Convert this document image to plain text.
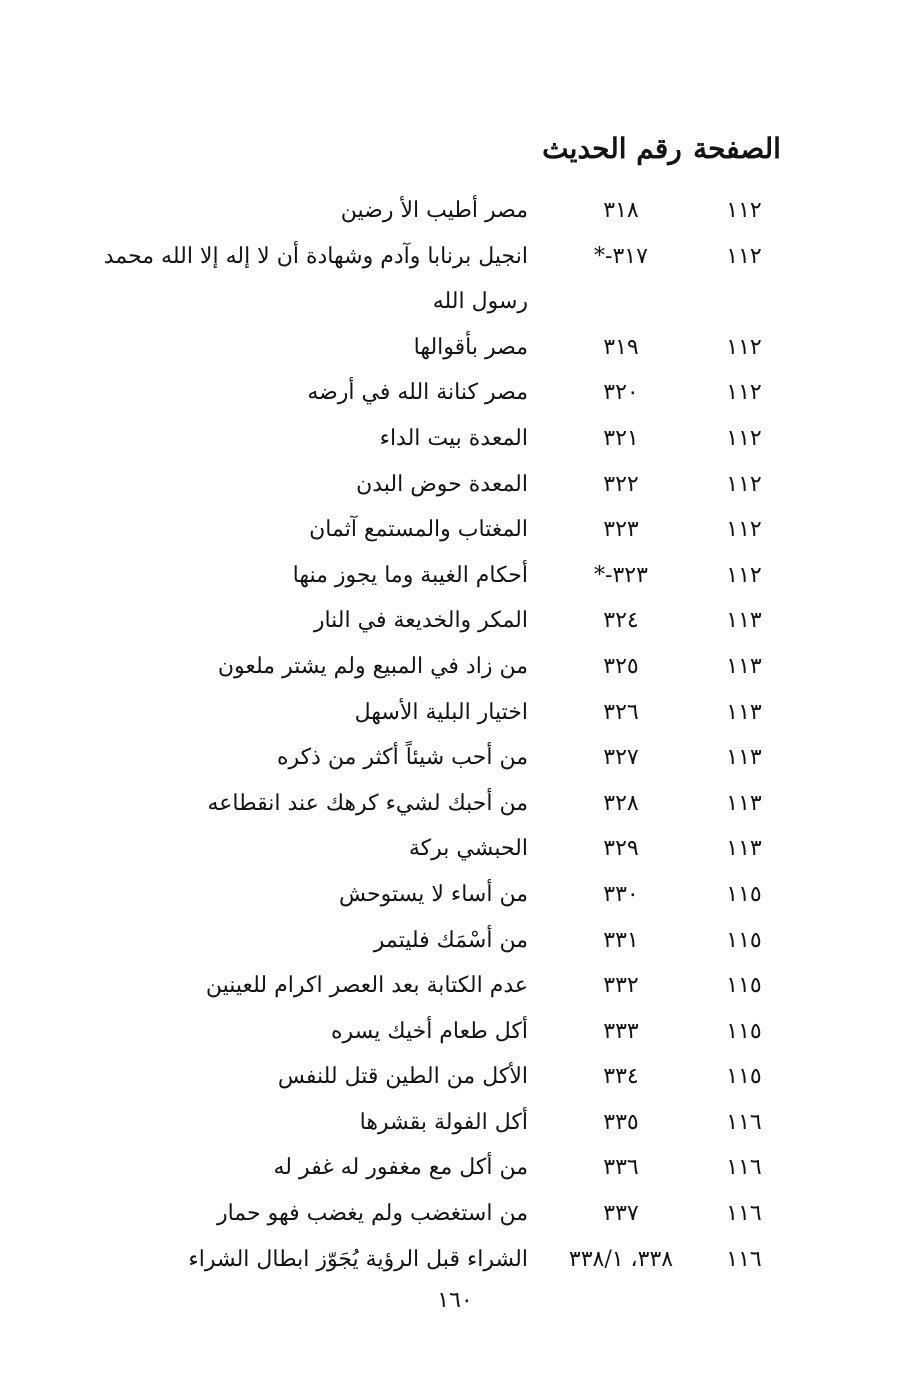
الصفحة
رقم الحديث
١١٢
٣١٨
مصر أطيب الأ رضين
١١٢
٣١٧-*
انجيل برنابا وآدم وشهادة أن لا إله إلا الله محمد رسول الله
١١٢
٣١٩
مصر بأقوالها
١١٢
٣٢٠
مصر كنانة الله في أرضه
١١٢
٣٢١
المعدة بيت الداء
١١٢
٣٢٢
المعدة حوض البدن
١١٢
٣٢٣
المغتاب والمستمع آثمان
١١٢
٣٢٣-*
أحكام الغيبة وما يجوز منها
١١٣
٣٢٤
المكر والخديعة في النار
١١٣
٣٢٥
من زاد في المبيع ولم يشتر ملعون
١١٣
٣٢٦
اختيار البلية الأسهل
١١٣
٣٢٧
من أحب شيئاً أكثر من ذكره
١١٣
٣٢٨
من أحبك لشيء كرهك عند انقطاعه
١١٣
٣٢٩
الحبشي بركة
١١٥
٣٣٠
من أساء لا يستوحش
١١٥
٣٣١
من أسْمَك فليتمر
١١٥
٣٣٢
عدم الكتابة بعد العصر اكرام للعينين
١١٥
٣٣٣
أكل طعام أخيك يسره
١١٥
٣٣٤
الأكل من الطين قتل للنفس
١١٦
٣٣٥
أكل الفولة بقشرها
١١٦
٣٣٦
من أكل مع مغفور له غفر له
١١٦
٣٣٧
من استغضب ولم يغضب فهو حمار
١١٦
٣٣٨، ٣٣٨/١
الشراء قبل الرؤية يُجَوّز ابطال الشراء
١٦٠
